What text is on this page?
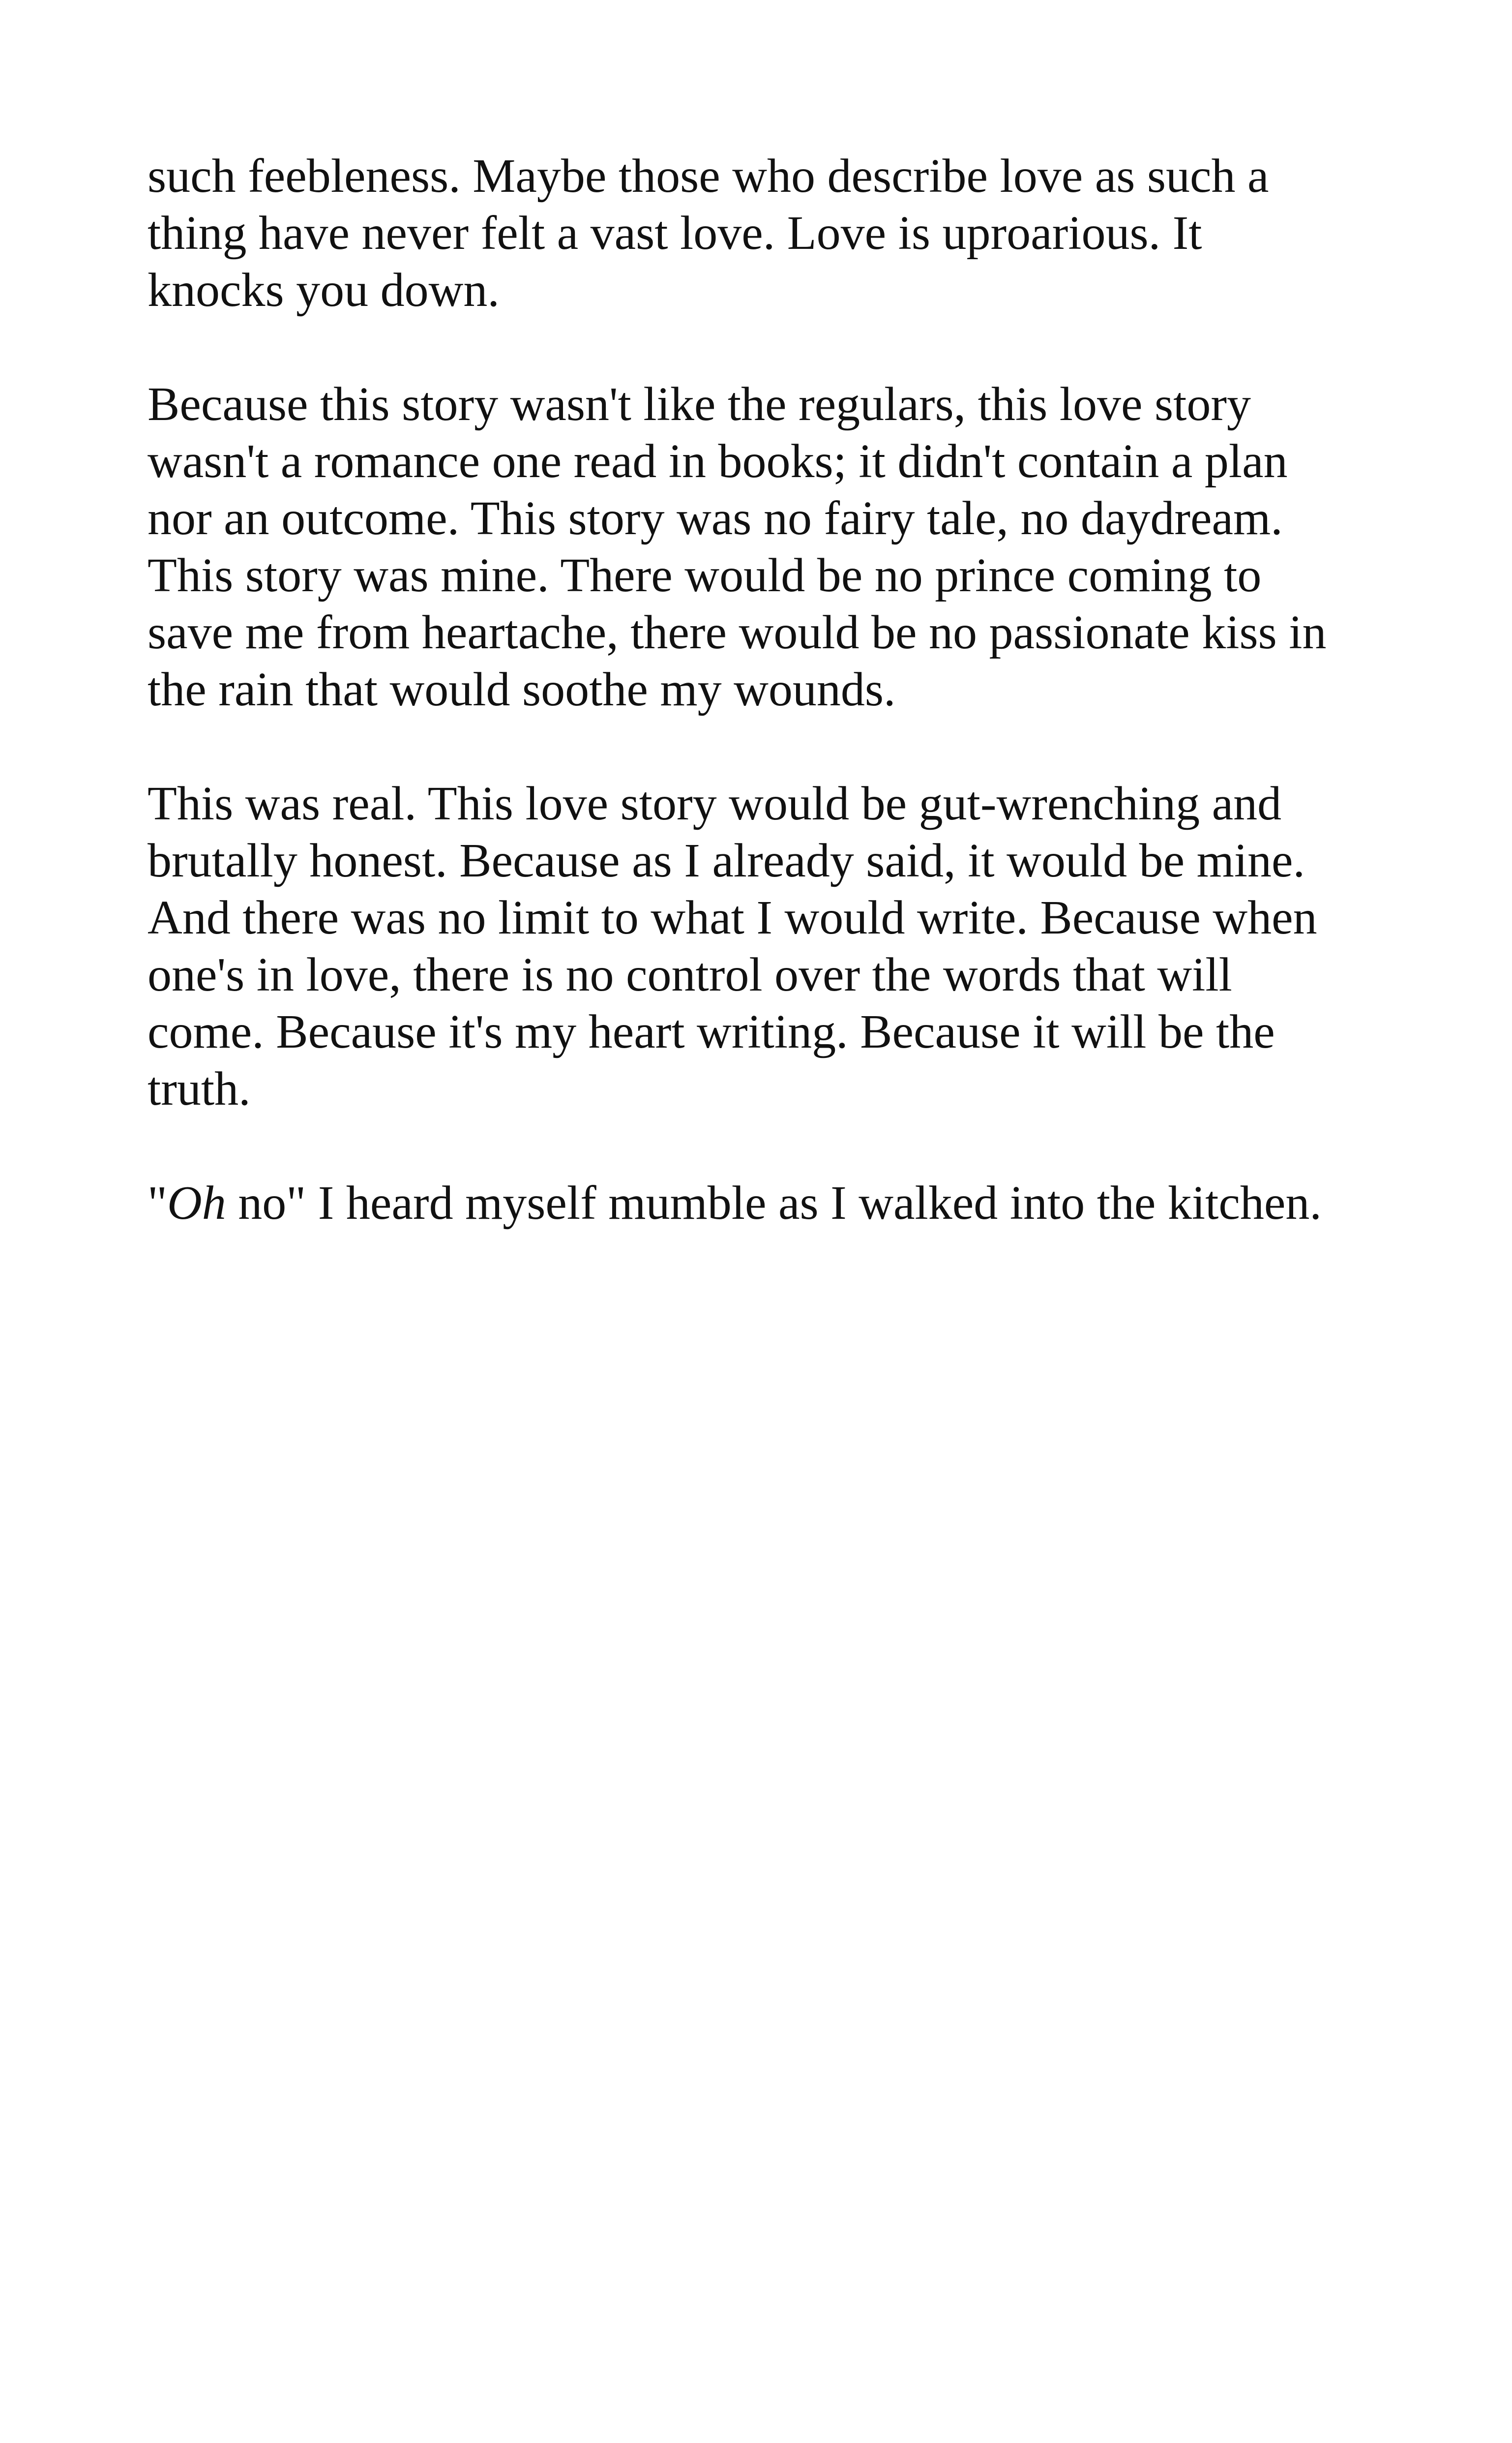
such feebleness. Maybe those who describe love as such a
thing have never felt a vast love. Love is uproarious. It
knocks you down.

Because this story wasn't like the regulars, this love story
wasn't a romance one read in books; it didn't contain a plan
nor an outcome. This story was no fairy tale, no daydream.
This story was mine. There would be no prince coming to
save me from heartache, there would be no passionate kiss in
the rain that would soothe my wounds.

This was real. This love story would be gut-wrenching and
brutally honest. Because as I already said, it would be mine.
And there was no limit to what I would write. Because when
one's in love, there is no control over the words that will
come. Because it's my heart writing. Because it will be the
truth.

"Oh no" I heard myself mumble as I walked into the kitchen.
